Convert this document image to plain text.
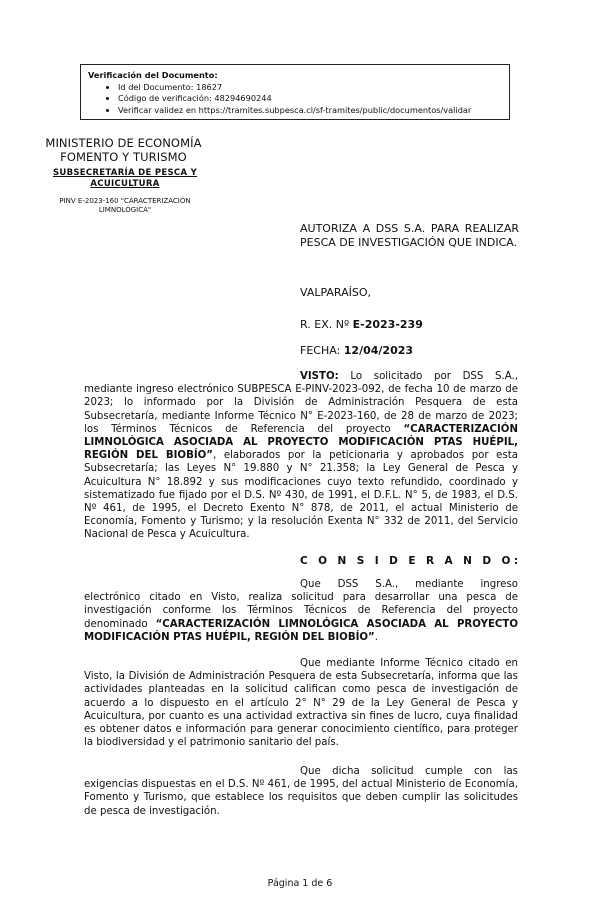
Verificación del Documento:
• Id del Documento: 18627
• Código de verificación: 48294690244
• Verificar validez en https://tramites.subpesca.cl/sf-tramites/public/documentos/validar
MINISTERIO DE ECONOMÍA
FOMENTO Y TURISMO
SUBSECRETARÍA DE PESCA Y ACUICULTURA
PINV E-2023-160 "CARACTERIZACIÓN LIMNOLÓGICA"
AUTORIZA A DSS S.A. PARA REALIZAR PESCA DE INVESTIGACIÓN QUE INDICA.
VALPARAÍSO,
R. EX. Nº E-2023-239
FECHA: 12/04/2023
VISTO: Lo solicitado por DSS S.A., mediante ingreso electrónico SUBPESCA E-PINV-2023-092, de fecha 10 de marzo de 2023; lo informado por la División de Administración Pesquera de esta Subsecretaría, mediante Informe Técnico N° E-2023-160, de 28 de marzo de 2023; los Términos Técnicos de Referencia del proyecto “CARACTERIZACIÓN LIMNOLÓGICA ASOCIADA AL PROYECTO MODIFICACIÓN PTAS HUÉPIL, REGIÓN DEL BIOBÍO”, elaborados por la peticionaria y aprobados por esta Subsecretaría; las Leyes N° 19.880 y N° 21.358; la Ley General de Pesca y Acuicultura N° 18.892 y sus modificaciones cuyo texto refundido, coordinado y sistematizado fue fijado por el D.S. Nº 430, de 1991, el D.F.L. N° 5, de 1983, el D.S. Nº 461, de 1995, el Decreto Exento N° 878, de 2011, el actual Ministerio de Economía, Fomento y Turismo; y la resolución Exenta N° 332 de 2011, del Servicio Nacional de Pesca y Acuicultura.
C O N S I D E R A N D O:
Que DSS S.A., mediante ingreso electrónico citado en Visto, realiza solicitud para desarrollar una pesca de investigación conforme los Términos Técnicos de Referencia del proyecto denominado “CARACTERIZACIÓN LIMNOLÓGICA ASOCIADA AL PROYECTO MODIFICACIÓN PTAS HUÉPIL, REGIÓN DEL BIOBÍO”.
Que mediante Informe Técnico citado en Visto, la División de Administración Pesquera de esta Subsecretaría, informa que las actividades planteadas en la solicitud califican como pesca de investigación de acuerdo a lo dispuesto en el artículo 2° N° 29 de la Ley General de Pesca y Acuicultura, por cuanto es una actividad extractiva sin fines de lucro, cuya finalidad es obtener datos e información para generar conocimiento científico, para proteger la biodiversidad y el patrimonio sanitario del país.
Que dicha solicitud cumple con las exigencias dispuestas en el D.S. Nº 461, de 1995, del actual Ministerio de Economía, Fomento y Turismo, que establece los requisitos que deben cumplir las solicitudes de pesca de investigación.
Página 1 de 6
